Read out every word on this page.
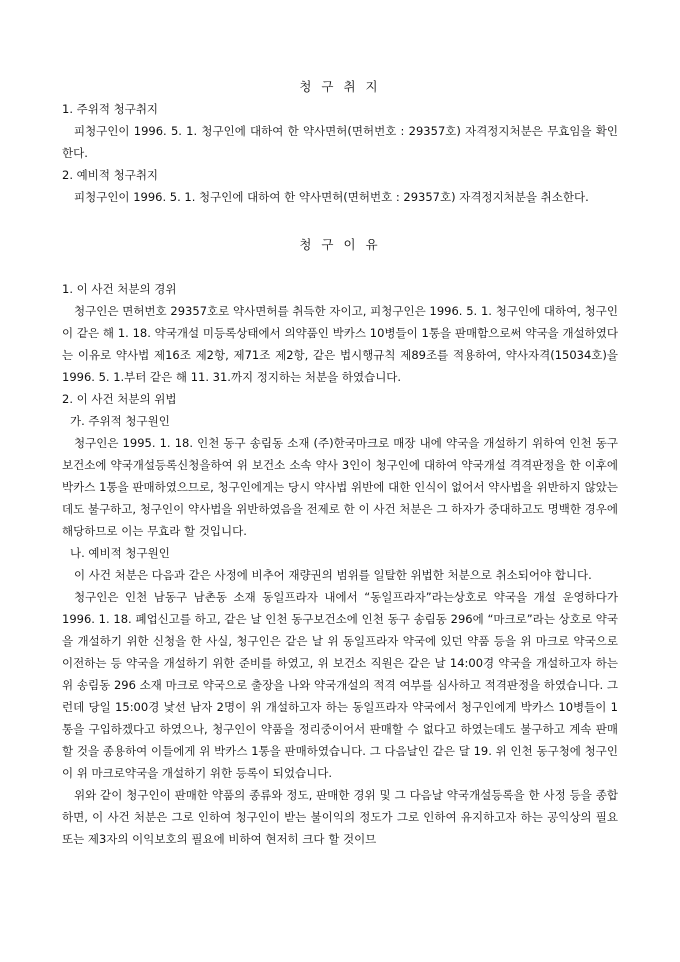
청 구 취 지
1. 주위적 청구취지

피청구인이 1996. 5. 1. 청구인에 대하여 한 약사면허(면허번호 : 29357호) 자격정지처분은 무효임을 확인한다.

2. 예비적 청구취지

피청구인이 1996. 5. 1. 청구인에 대하여 한 약사면허(면허번호 : 29357호) 자격정지처분을 취소한다.

청 구 이 유
1. 이 사건 처분의 경위

청구인은 면허번호 29357호로 약사면허를 취득한 자이고, 피청구인은 1996. 5. 1. 청구인에 대하여, 청구인이 같은 해 1. 18. 약국개설 미등록상태에서 의약품인 박카스 10병들이 1통을 판매함으로써 약국을 개설하였다는 이유로 약사법 제16조 제2항, 제71조 제2항, 같은 법시행규칙 제89조를 적용하여, 약사자격(15034호)을 1996. 5. 1.부터 같은 해 11. 31.까지 정지하는 처분을 하였습니다.

2. 이 사건 처분의 위법
가. 주위적 청구원인

청구인은 1995. 1. 18. 인천 동구 송림동 소재 (주)한국마크로 매장 내에 약국을 개설하기 위하여 인천 동구보건소에 약국개설등록신청을하여 위 보건소 소속 약사 3인이 청구인에 대하여 약국개설 격격판정을 한 이후에 박카스 1통을 판매하였으므로, 청구인에게는 당시 약사법 위반에 대한 인식이 없어서 약사법을 위반하지 않았는데도 불구하고, 청구인이 약사법을 위반하였음을 전제로 한 이 사건 처분은 그 하자가 중대하고도 명백한 경우에 해당하므로 이는 무효라 할 것입니다.

나. 예비적 청구원인

이 사건 처분은 다음과 같은 사정에 비추어 재량권의 범위를 일탈한 위법한 처분으로 취소되어야 합니다.

청구인은 인천 남동구 남촌동 소재 동일프라자 내에서 “동일프라자”라는상호로 약국을 개설 운영하다가 1996. 1. 18. 폐업신고를 하고, 같은 날 인천 동구보건소에 인천 동구 송림동 296에 “마크로”라는 상호로 약국을 개설하기 위한 신청을 한 사실, 청구인은 같은 날 위 동일프라자 약국에 있던 약품 등을 위 마크로 약국으로 이전하는 등 약국을 개설하기 위한 준비를 하였고, 위 보건소 직원은 같은 날 14:00경 약국을 개설하고자 하는 위 송림동 296 소재 마크로 약국으로 출장을 나와 약국개설의 적격 여부를 심사하고 적격판정을 하였습니다. 그런데 당일 15:00경 낯선 남자 2명이 위 개설하고자 하는 동일프라자 약국에서 청구인에게 박카스 10병들이 1통을 구입하겠다고 하였으나, 청구인이 약품을 정리중이어서 판매할 수 없다고 하였는데도 불구하고 계속 판매할 것을 종용하여 이들에게 위 박카스 1통을 판매하였습니다. 그 다음날인 같은 달 19. 위 인천 동구청에 청구인이 위 마크로약국을 개설하기 위한 등록이 되었습니다.

위와 같이 청구인이 판매한 약품의 종류와 정도, 판매한 경위 및 그 다음날 약국개설등록을 한 사정 등을 종합하면, 이 사건 처분은 그로 인하여 청구인이 받는 불이익의 정도가 그로 인하여 유지하고자 하는 공익상의 필요 또는 제3자의 이익보호의 필요에 비하여 현저히 크다 할 것이므
